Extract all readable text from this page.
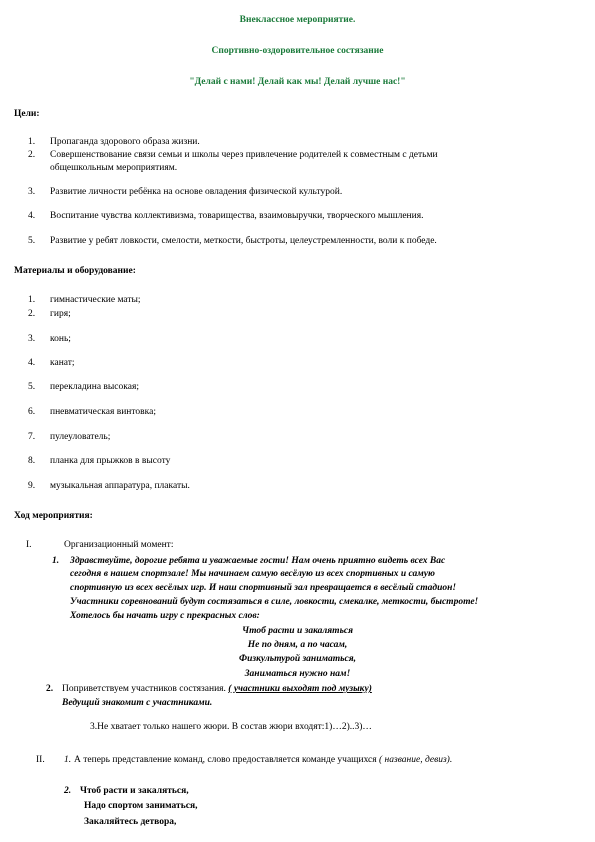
Внеклассное мероприятие.

Спортивно-оздоровительное состязание

"Делай с нами! Делай как мы! Делай лучше нас!"

Цели:

1. Пропаганда здорового образа жизни.
2. Совершенствование связи семьи и школы через привлечение родителей к совместным с детьми
общешкольным мероприятиям.
3. Развитие личности ребёнка на основе овладения физической культурой.
4. Воспитание чувства коллективизма, товарищества, взаимовыручки, творческого мышления.
5. Развитие у ребят ловкости, смелости, меткости, быстроты, целеустремленности, воли к победе.

Материалы и оборудование:

1. гимнастические маты;
2. гиря;
3. конь;
4. канат;
5. перекладина высокая;
6. пневматическая винтовка;
7. пулеулователь;
8. планка для прыжков в высоту
9. музыкальная аппаратура, плакаты.

Ход мероприятия:

I.	Организационный момент:
1. Здравствуйте, дорогие ребята и уважаемые гости! Нам очень приятно видеть всех Вас
сегодня в нашем спортзале! Мы начинаем самую весёлую из всех спортивных и самую
спортивную из всех весёлых игр. И наш спортивный зал превращается в весёлый стадион!
Участники соревнований будут состязаться в силе, ловкости, смекалке, меткости, быстроте!
Хотелось бы начать игру с прекрасных слов:

Чтоб расти и закаляться

Не по дням, а по часам,

Физкультурой заниматься,

Заниматься нужно нам!

2. Поприветствуем участников состязания. ( участники выходят под музыку)
Ведущий знакомит с участниками.
3.Не хватает только нашего жюри. В состав жюри входят:1)…2)..3)…
II. 1. А теперь представление команд, слово предоставляется команде учащихся ( название, девиз).
2. Чтоб расти и закаляться,
Надо спортом заниматься,
Закаляйтесь детвора,
